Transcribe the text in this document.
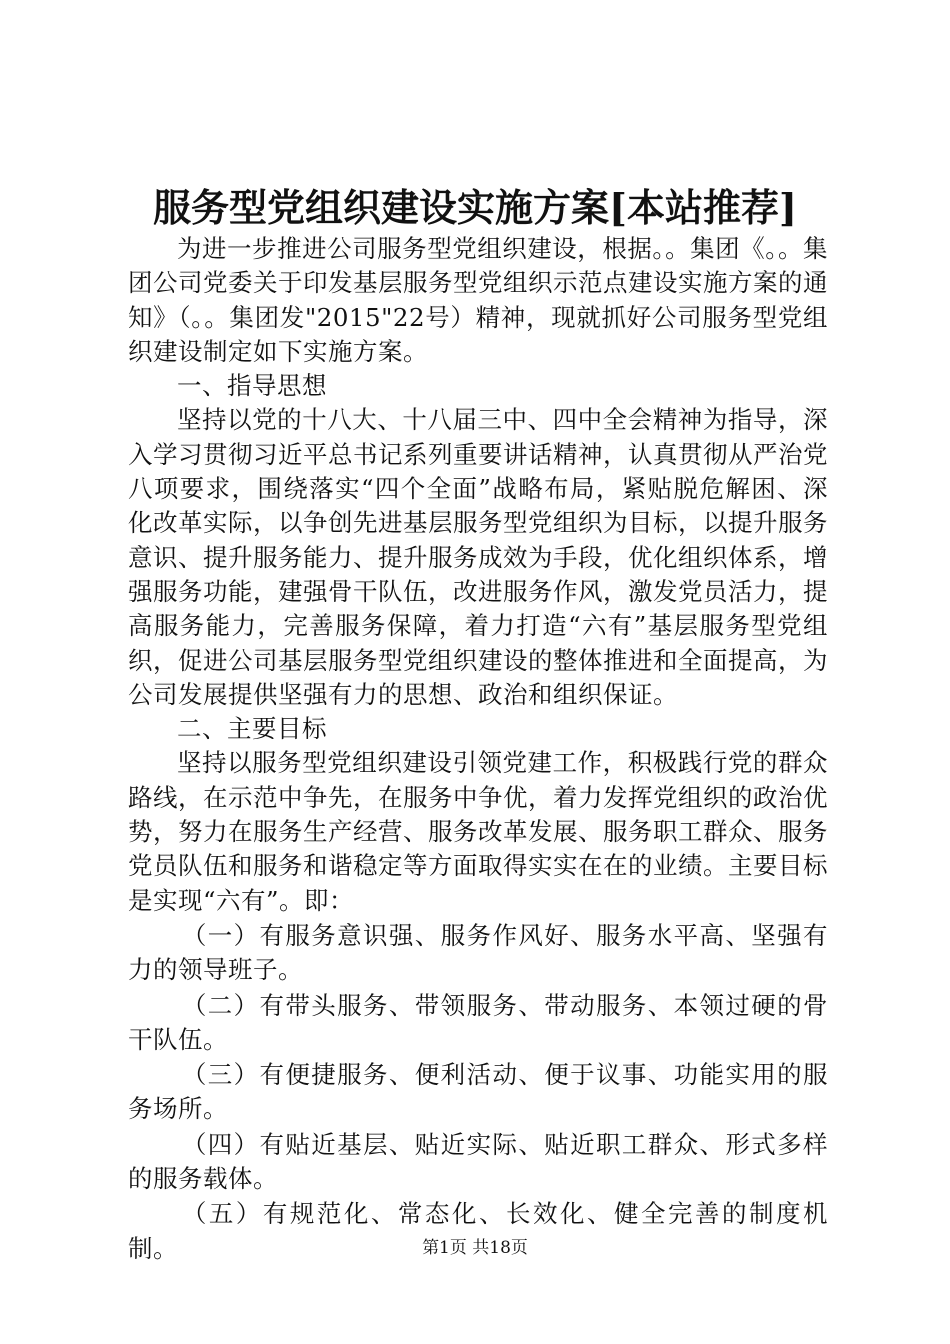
服务型党组织建设实施方案[本站推荐]

为进一步推进公司服务型党组织建设，根据。。集团《。。集团公司党委关于印发基层服务型党组织示范点建设实施方案的通知》（。。集团发"2015"22号）精神，现就抓好公司服务型党组织建设制定如下实施方案。

一、指导思想

坚持以党的十八大、十八届三中、四中全会精神为指导，深入学习贯彻习近平总书记系列重要讲话精神，认真贯彻从严治党八项要求，围绕落实“四个全面”战略布局，紧贴脱危解困、深化改革实际，以争创先进基层服务型党组织为目标，以提升服务意识、提升服务能力、提升服务成效为手段，优化组织体系，增强服务功能，建强骨干队伍，改进服务作风，激发党员活力，提高服务能力，完善服务保障，着力打造“六有”基层服务型党组织，促进公司基层服务型党组织建设的整体推进和全面提高，为公司发展提供坚强有力的思想、政治和组织保证。

二、主要目标

坚持以服务型党组织建设引领党建工作，积极践行党的群众路线，在示范中争先，在服务中争优，着力发挥党组织的政治优势，努力在服务生产经营、服务改革发展、服务职工群众、服务党员队伍和服务和谐稳定等方面取得实实在在的业绩。主要目标是实现“六有”。即：

（一）有服务意识强、服务作风好、服务水平高、坚强有力的领导班子。

（二）有带头服务、带领服务、带动服务、本领过硬的骨干队伍。

（三）有便捷服务、便利活动、便于议事、功能实用的服务场所。

（四）有贴近基层、贴近实际、贴近职工群众、形式多样的服务载体。

（五）有规范化、常态化、长效化、健全完善的制度机制。	第1页 共18页
